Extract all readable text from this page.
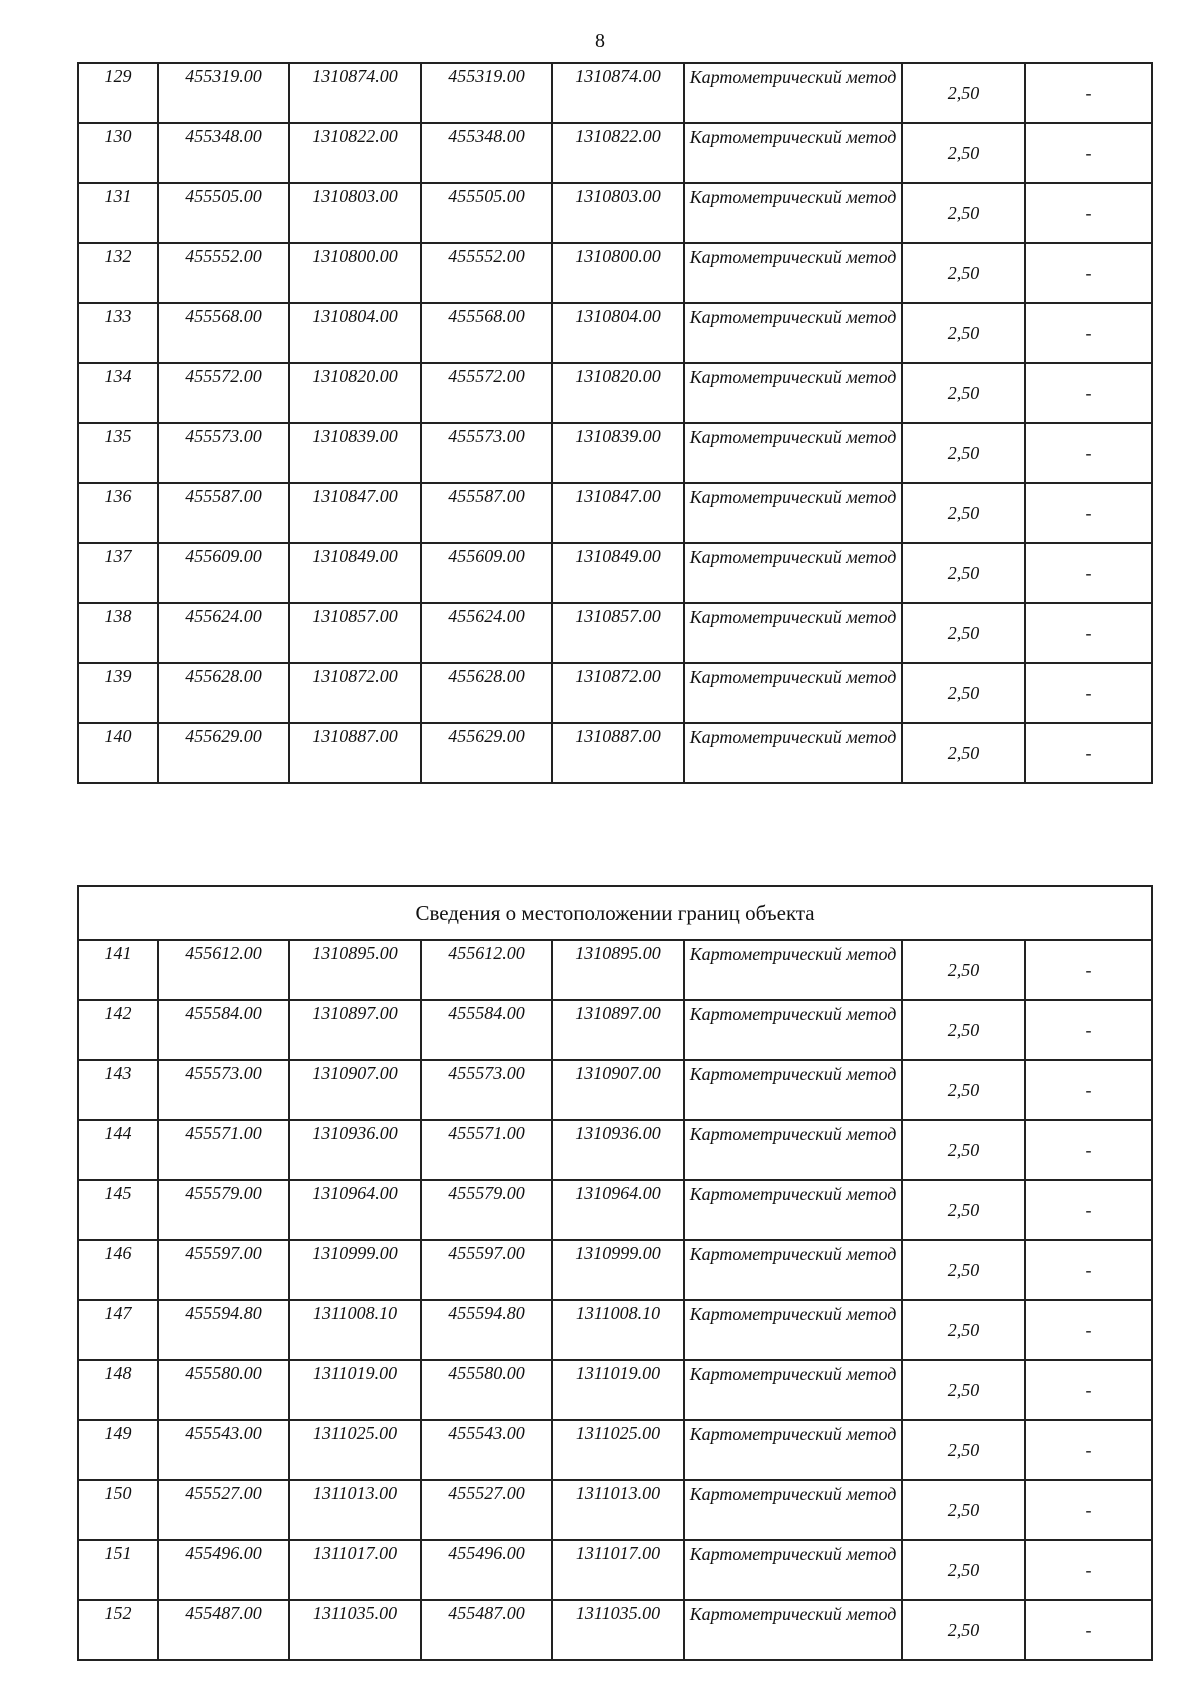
8
129	455319.00	1310874.00	455319.00	1310874.00	Картометрический метод	2,50	-
130	455348.00	1310822.00	455348.00	1310822.00	Картометрический метод	2,50	-
131	455505.00	1310803.00	455505.00	1310803.00	Картометрический метод	2,50	-
132	455552.00	1310800.00	455552.00	1310800.00	Картометрический метод	2,50	-
133	455568.00	1310804.00	455568.00	1310804.00	Картометрический метод	2,50	-
134	455572.00	1310820.00	455572.00	1310820.00	Картометрический метод	2,50	-
135	455573.00	1310839.00	455573.00	1310839.00	Картометрический метод	2,50	-
136	455587.00	1310847.00	455587.00	1310847.00	Картометрический метод	2,50	-
137	455609.00	1310849.00	455609.00	1310849.00	Картометрический метод	2,50	-
138	455624.00	1310857.00	455624.00	1310857.00	Картометрический метод	2,50	-
139	455628.00	1310872.00	455628.00	1310872.00	Картометрический метод	2,50	-
140	455629.00	1310887.00	455629.00	1310887.00	Картометрический метод	2,50	-
Сведения о местоположении границ объекта							
141	455612.00	1310895.00	455612.00	1310895.00	Картометрический метод	2,50	-
142	455584.00	1310897.00	455584.00	1310897.00	Картометрический метод	2,50	-
143	455573.00	1310907.00	455573.00	1310907.00	Картометрический метод	2,50	-
144	455571.00	1310936.00	455571.00	1310936.00	Картометрический метод	2,50	-
145	455579.00	1310964.00	455579.00	1310964.00	Картометрический метод	2,50	-
146	455597.00	1310999.00	455597.00	1310999.00	Картометрический метод	2,50	-
147	455594.80	1311008.10	455594.80	1311008.10	Картометрический метод	2,50	-
148	455580.00	1311019.00	455580.00	1311019.00	Картометрический метод	2,50	-
149	455543.00	1311025.00	455543.00	1311025.00	Картометрический метод	2,50	-
150	455527.00	1311013.00	455527.00	1311013.00	Картометрический метод	2,50	-
151	455496.00	1311017.00	455496.00	1311017.00	Картометрический метод	2,50	-
152	455487.00	1311035.00	455487.00	1311035.00	Картометрический метод	2,50	-
